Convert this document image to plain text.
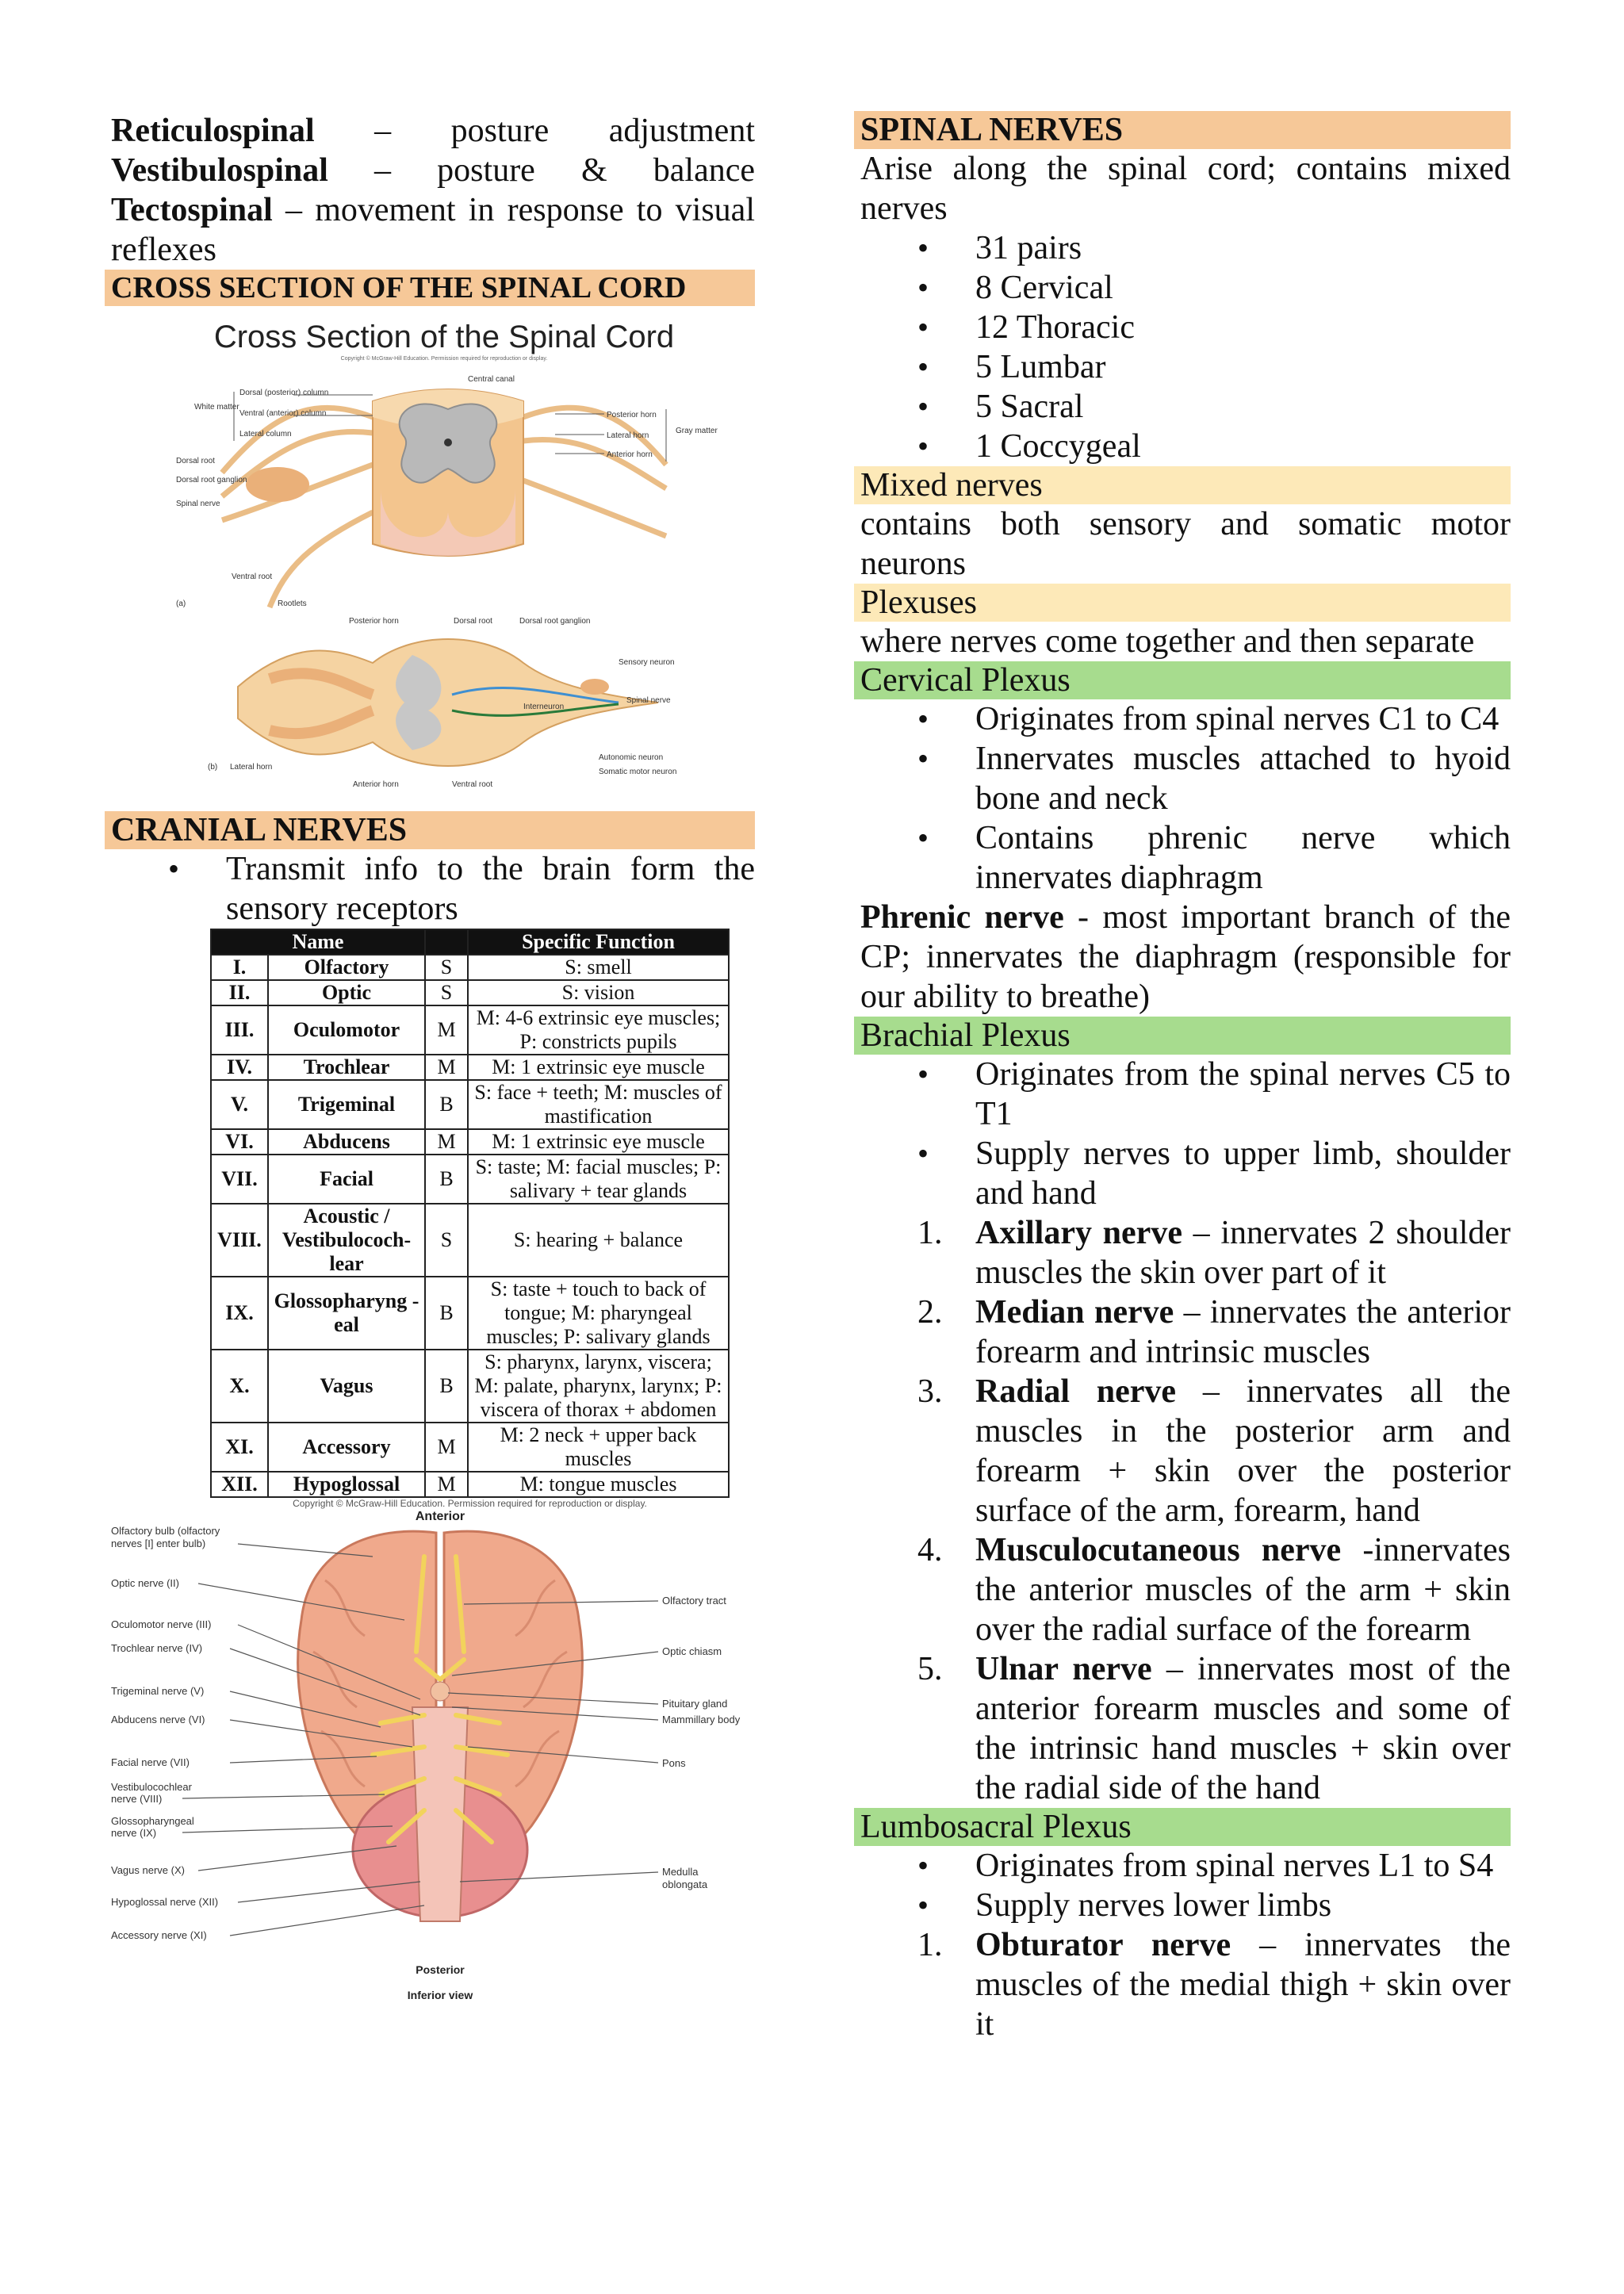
Reticulospinal – posture adjustment

Vestibulospinal – posture & balance

Tectospinal – movement in response to visual reflexes

CROSS SECTION OF THE SPINAL CORD
Cross Section of the Spinal Cord
Copyright © McGraw-Hill Education. Permission required for reproduction or display.
Central canal
Dorsal (posterior) column
White matter
Ventral (anterior) column
Lateral column
Dorsal root
Dorsal root ganglion
Spinal nerve
Ventral root
Rootlets
Posterior horn
Lateral horn
Anterior horn
Gray matter
(a)
Posterior horn	Dorsal root	Dorsal root ganglion
Sensory neuron
Spinal nerve
Interneuron
Autonomic neuron
Somatic motor neuron
(b) Lateral horn
Anterior horn	Ventral root
CRANIAL NERVES
• Transmit info to the brain form the sensory receptors
Name			Specific Function
I.	Olfactory	S	S: smell
II.	Optic	S	S: vision
III.	Oculomotor	M	M: 4-6 extrinsic eye muscles; P: constricts pupils
IV.	Trochlear	M	M: 1 extrinsic eye muscle
V.	Trigeminal	B	S: face + teeth; M: muscles of mastification
VI.	Abducens	M	M: 1 extrinsic eye muscle
VII.	Facial	B	S: taste; M: facial muscles; P: salivary + tear glands
VIII.	Acoustic / Vestibulococh-lear	S	S: hearing + balance
IX.	Glossopharyng -eal	B	S: taste + touch to back of tongue; M: pharyngeal muscles; P: salivary glands
X.	Vagus	B	S: pharynx, larynx, viscera; M: palate, pharynx, larynx; P: viscera of thorax + abdomen
XI.	Accessory	M	M: 2 neck + upper back muscles
XII.	Hypoglossal	M	M: tongue muscles
Copyright © McGraw-Hill Education. Permission required for reproduction or display.
Anterior
Olfactory bulb (olfactory
nerves [I] enter bulb)
Optic nerve (II)
Oculomotor nerve (III)
Trochlear nerve (IV)
Trigeminal nerve (V)
Abducens nerve (VI)
Facial nerve (VII)
Vestibulocochlear
nerve (VIII)
Glossopharyngeal
nerve (IX)
Vagus nerve (X)
Hypoglossal nerve (XII)
Accessory nerve (XI)
Olfactory tract
Optic chiasm
Pituitary gland
Mammillary body
Pons
Medulla
oblongata
Posterior
Inferior view
SPINAL NERVES

Arise along the spinal cord; contains mixed nerves

• 31 pairs
• 8 Cervical
• 12 Thoracic
• 5 Lumbar
• 5 Sacral
• 1 Coccygeal
Mixed nerves

contains both sensory and somatic motor neurons

Plexuses

where nerves come together and then separate

Cervical Plexus
• Originates from spinal nerves C1 to C4
• Innervates muscles attached to hyoid bone and neck
• Contains phrenic nerve which innervates diaphragm

Phrenic nerve - most important branch of the CP; innervates the diaphragm (responsible for our ability to breathe)

Brachial Plexus
• Originates from the spinal nerves C5 to T1
• Supply nerves to upper limb, shoulder and hand
1. Axillary nerve – innervates 2 shoulder muscles the skin over part of it
2. Median nerve – innervates the anterior forearm and intrinsic muscles
3. Radial nerve – innervates all the muscles in the posterior arm and forearm + skin over the posterior surface of the arm, forearm, hand
4. Musculocutaneous nerve -innervates the anterior muscles of the arm + skin over the radial surface of the forearm
5. Ulnar nerve – innervates most of the anterior forearm muscles and some of the intrinsic hand muscles + skin over the radial side of the hand
Lumbosacral Plexus
• Originates from spinal nerves L1 to S4
• Supply nerves lower limbs
1. Obturator nerve – innervates the muscles of the medial thigh + skin over it
